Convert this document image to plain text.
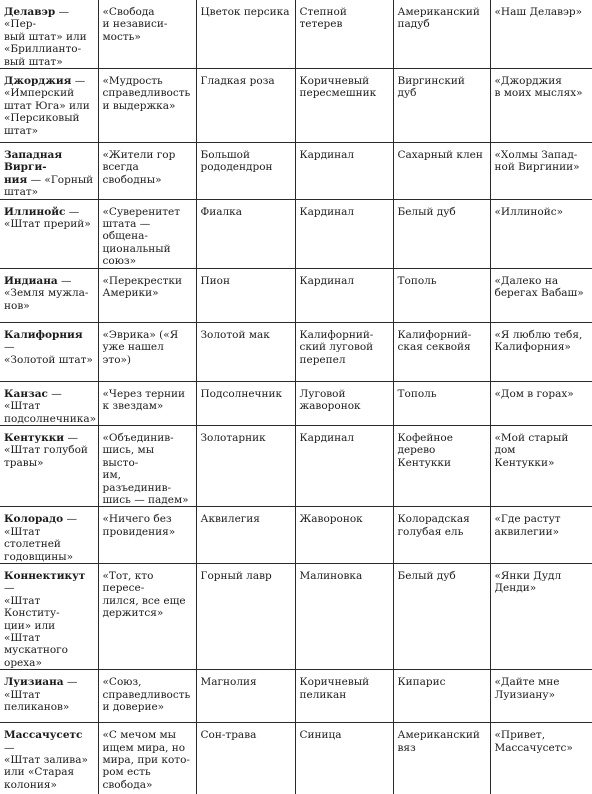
Делавэр — «Пер-
вый штат» или
«Бриллианто-
вый штат»	«Свобода
и независи-
мость»	Цветок персика	Степной тетерев	Американский
падуб	«Наш Делавэр»
Джорджия —
«Имперский
штат Юга» или
«Персиковый
штат»	«Мудрость
справедливость
и выдержка»	Гладкая роза	Коричневый
пересмешник	Виргинский дуб	«Джорджия
в моих мыслях»
Западная Вирги-
ния — «Горный
штат»	«Жители гор
всегда свободны»	Большой
рододендрон	Кардинал	Сахарный клен	«Холмы Запад-
ной Виргинии»
Иллинойс —
«Штат прерий»	«Суверенитет
штата — общена-
циональный
союз»	Фиалка	Кардинал	Белый дуб	«Иллинойс»
Индиана —
«Земля мужла-
нов»	«Перекрестки
Америки»	Пион	Кардинал	Тополь	«Далеко на
берегах Вабаш»
Калифорния —
«Золотой штат»	«Эврика» («Я
уже нашел это»)	Золотой мак	Калифорний-
ский луговой
перепел	Калифорний-
ская секвойя	«Я люблю тебя,
Калифорния»
Канзас — «Штат
подсолнечника»	«Через тернии
к звездам»	Подсолнечник	Луговой
жаворонок	Тополь	«Дом в горах»
Кентукки —
«Штат голубой
травы»	«Объединив-
шись, мы высто-
им, разъединив-
шись — падем»	Золотарник	Кардинал	Кофейное дерево
Кентукки	«Мой старый дом
Кентукки»
Колорадо —
«Штат столетней
годовщины»	«Ничего без
провидения»	Аквилегия	Жаворонок	Колорадская
голубая ель	«Где растут
аквилегии»
Коннектикут —
«Штат Конститу-
ции» или «Штат
мускатного
ореха»	«Тот, кто пересе-
лился, все еще
держится»	Горный лавр	Малиновка	Белый дуб	«Янки Дудл
Денди»
Луизиана —
«Штат
пеликанов»	«Союз,
справедливость
и доверие»	Магнолия	Коричневый
пеликан	Кипарис	«Дайте мне
Луизиану»
Массачусетс —
«Штат залива»
или «Старая
колония»	«С мечом мы
ищем мира, но
мира, при кото-
ром есть свобода»	Сон-трава	Синица	Американский
вяз	«Привет,
Массачусетс»
